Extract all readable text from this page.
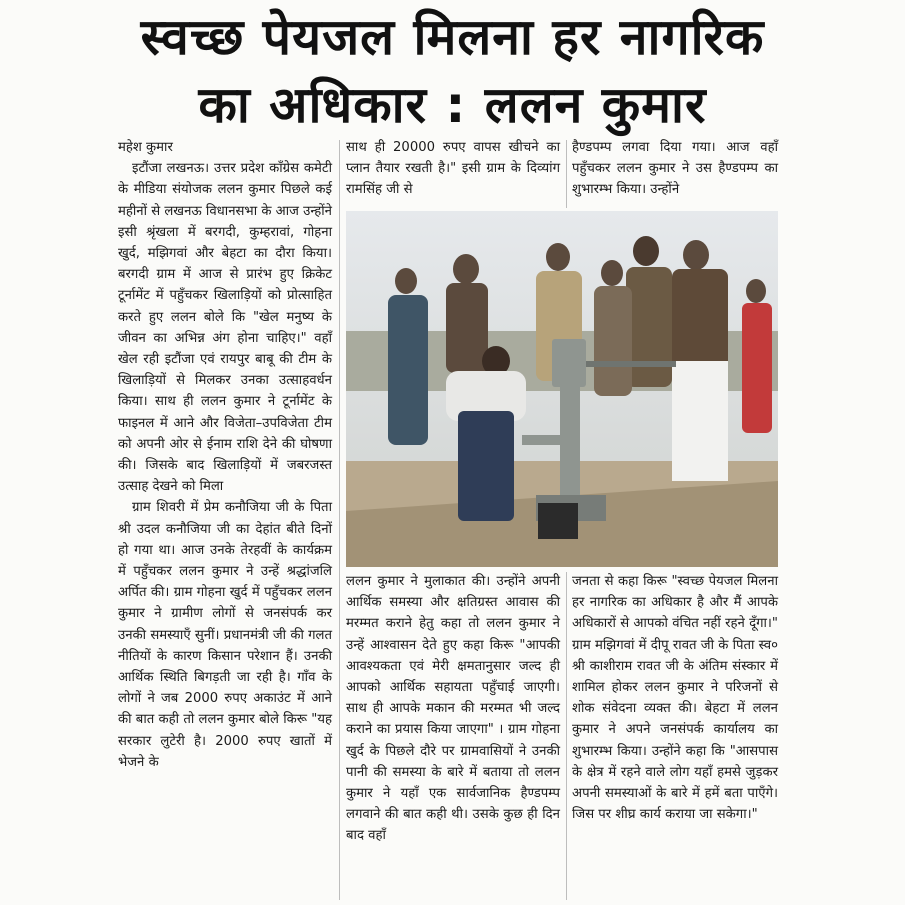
स्वच्छ पेयजल मिलना हर नागरिक
का अधिकार : ललन कुमार

महेश कुमार

इटौंजा लखनऊ। उत्तर प्रदेश कॉंग्रेस कमेटी के मीडिया संयोजक ललन कुमार पिछले कई महीनों से लखनऊ विधानसभा के आज उन्होंने इसी श्रृंखला में बरगदी, कुम्हरावां, गोहना खुर्द, मझिगवां और बेहटा का दौरा किया। बरगदी ग्राम में आज से प्रारंभ हुए क्रिकेट टूर्नामेंट में पहुँचकर खिलाड़ियों को प्रोत्साहित करते हुए ललन बोले कि "खेल मनुष्य के जीवन का अभिन्न अंग होना चाहिए।" वहाँ खेल रही इटौंजा एवं रायपुर बाबू की टीम के खिलाड़ियों से मिलकर उनका उत्साहवर्धन किया। साथ ही ललन कुमार ने टूर्नामेंट के फाइनल में आने और विजेता–उपविजेता टीम को अपनी ओर से ईनाम राशि देने की घोषणा की। जिसके बाद खिलाड़ियों में जबरजस्त उत्साह देखने को मिला

ग्राम शिवरी में प्रेम कनौजिया जी के पिता श्री उदल कनौजिया जी का देहांत बीते दिनों हो गया था। आज उनके तेरहवीं के कार्यक्रम में पहुँचकर ललन कुमार ने उन्हें श्रद्धांजलि अर्पित की। ग्राम गोहना खुर्द में पहुँचकर ललन कुमार ने ग्रामीण लोगों से जनसंपर्क कर उनकी समस्याएँ सुनीं। प्रधानमंत्री जी की गलत नीतियों के कारण किसान परेशान हैं। उनकी आर्थिक स्थिति बिगड़ती जा रही है। गाँव के लोगों ने जब 2000 रुपए अकाउंट में आने की बात कही तो ललन कुमार बोले किरू "यह सरकार लुटेरी है। 2000 रुपए खातों में भेजने के

साथ ही 20000 रुपए वापस खीचने का प्लान तैयार रखती है।" इसी ग्राम के दिव्यांग रामसिंह जी से

हैण्डपम्प लगवा दिया गया। आज वहाँ पहुँचकर ललन कुमार ने उस हैण्डपम्प का शुभारम्भ किया। उन्होंने

ललन कुमार ने मुलाकात की। उन्होंने अपनी आर्थिक समस्या और क्षतिग्रस्त आवास की मरम्मत कराने हेतु कहा तो ललन कुमार ने उन्हें आश्वासन देते हुए कहा किरू "आपकी आवश्यकता एवं मेरी क्षमतानुसार जल्द ही आपको आर्थिक सहायता पहुँचाई जाएगी। साथ ही आपके मकान की मरम्मत भी जल्द कराने का प्रयास किया जाएगा" । ग्राम गोहना खुर्द के पिछले दौरे पर ग्रामवासियों ने उनकी पानी की समस्या के बारे में बताया तो ललन कुमार ने यहाँ एक सार्वजानिक हैण्डपम्प लगवाने की बात कही थी। उसके कुछ ही दिन बाद वहाँ

जनता से कहा किरू "स्वच्छ पेयजल मिलना हर नागरिक का अधिकार है और मैं आपके अधिकारों से आपको वंचित नहीं रहने दूँगा।" ग्राम मझिगवां में दीपू रावत जी के पिता स्व० श्री काशीराम रावत जी के अंतिम संस्कार में शामिल होकर ललन कुमार ने परिजनों से शोक संवेदना व्यक्त की। बेहटा में ललन कुमार ने अपने जनसंपर्क कार्यालय का शुभारम्भ किया। उन्होंने कहा कि "आसपास के क्षेत्र में रहने वाले लोग यहाँ हमसे जुड़कर अपनी समस्याओं के बारे में हमें बता पाएँगे। जिस पर शीघ्र कार्य कराया जा सकेगा।"
